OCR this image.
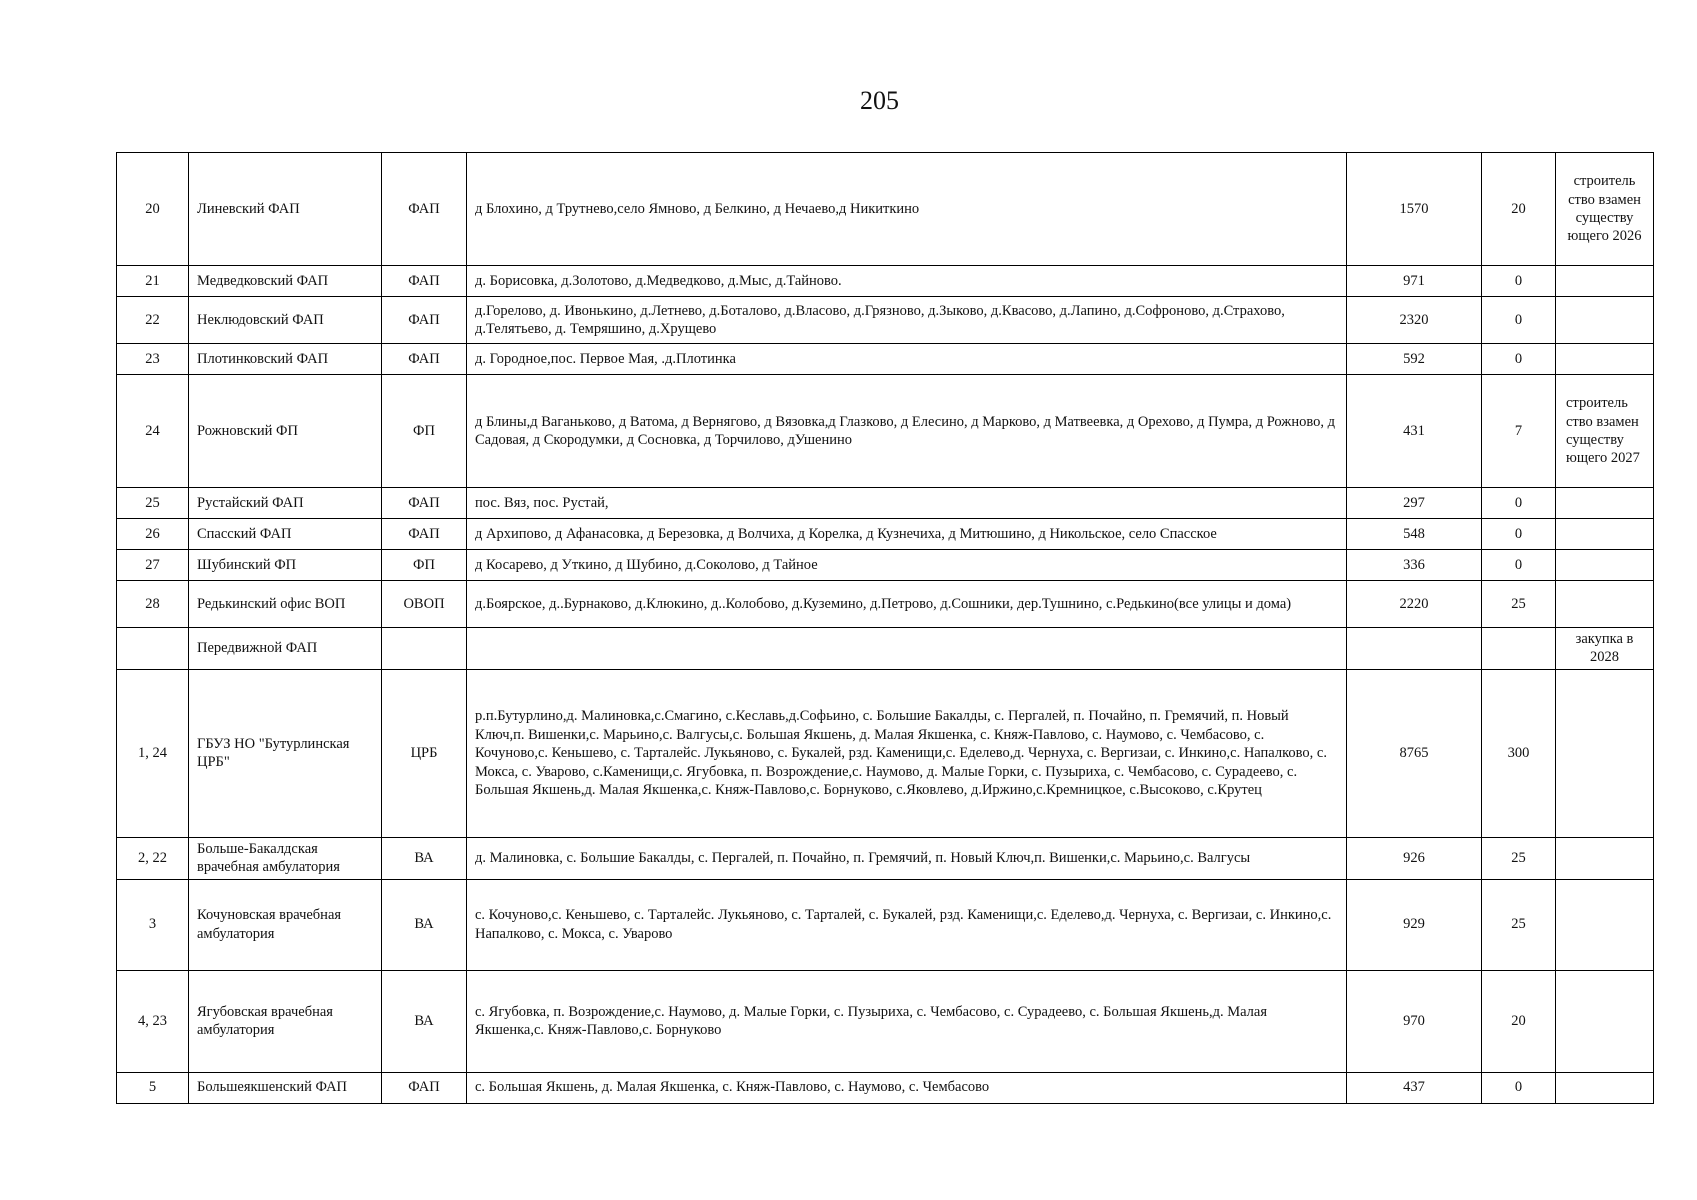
205
20	Линевский ФАП	ФАП	д Блохино, д Трутнево,село Ямново, д Белкино, д Нечаево,д Никиткино	1570	20	строитель ство взамен существу ющего 2026
21	Медведковский ФАП	ФАП	д. Борисовка, д.Золотово, д.Медведково, д.Мыс, д.Тайново.	971	0	
22	Неклюдовский ФАП	ФАП	д.Горелово, д. Ивонькино, д.Летнево, д.Боталово, д.Власово, д.Грязново, д.Зыково, д.Квасово, д.Лапино, д.Софроново, д.Страхово, д.Телятьево, д. Темряшино, д.Хрущево	2320	0	
23	Плотинковский ФАП	ФАП	д. Городное,пос. Первое Мая, .д.Плотинка	592	0	
24	Рожновский ФП	ФП	д Блины,д Ваганьково, д Ватома, д Вернягово, д Вязовка,д Глазково, д Елесино, д Марково, д Матвеевка, д Орехово, д Пумра, д Рожново, д Садовая, д Скородумки, д Сосновка, д Торчилово, дУшенино	431	7	строитель ство взамен существу ющего 2027
25	Рустайский ФАП	ФАП	пос. Вяз, пос. Рустай,	297	0	
26	Спасский ФАП	ФАП	д Архипово, д Афанасовка, д Березовка, д Волчиха, д Корелка, д Кузнечиха, д Митюшино, д Никольское, село Спасское	548	0	
27	Шубинский ФП	ФП	д Косарево, д Уткино, д Шубино, д.Соколово, д Тайное	336	0	
28	Редькинский офис ВОП	ОВОП	д.Боярское, д..Бурнаково, д.Клюкино, д..Колобово, д.Куземино, д.Петрово, д.Сошники, дер.Тушнино, с.Редькино(все улицы и дома)	2220	25	
	Передвижной ФАП					закупка в 2028
1, 24	ГБУЗ НО "Бутурлинская ЦРБ"	ЦРБ	р.п.Бутурлино,д. Малиновка,с.Смагино, с.Кеславь,д.Софьино, с. Большие Бакалды, с. Пергалей, п. Почайно, п. Гремячий, п. Новый Ключ,п. Вишенки,с. Марьино,с. Валгусы,с. Большая Якшень, д. Малая Якшенка, с. Княж-Павлово, с. Наумово, с. Чембасово, с. Кочуново,с. Кеньшево, с. Тарталейс. Лукьяново, с. Букалей, рзд. Каменищи,с. Еделево,д. Чернуха, с. Вергизаи, с. Инкино,с. Напалково, с. Мокса, с. Уварово, с.Каменищи,с. Ягубовка, п. Возрождение,с. Наумово, д. Малые Горки, с. Пузыриха, с. Чембасово, с. Сурадеево, с. Большая Якшень,д. Малая Якшенка,с. Княж-Павлово,с. Борнуково, с.Яковлево, д.Иржино,с.Кремницкое, с.Высоково, с.Крутец	8765	300	
2, 22	Больше-Бакалдская врачебная амбулатория	ВА	д. Малиновка, с. Большие Бакалды, с. Пергалей, п. Почайно, п. Гремячий, п. Новый Ключ,п. Вишенки,с. Марьино,с. Валгусы	926	25	
3	Кочуновская врачебная амбулатория	ВА	с. Кочуново,с. Кеньшево, с. Тарталейс. Лукьяново, с. Тарталей, с. Букалей, рзд. Каменищи,с. Еделево,д. Чернуха, с. Вергизаи, с. Инкино,с. Напалково, с. Мокса, с. Уварово	929	25	
4, 23	Ягубовская врачебная амбулатория	ВА	с. Ягубовка, п. Возрождение,с. Наумово, д. Малые Горки, с. Пузыриха, с. Чембасово, с. Сурадеево, с. Большая Якшень,д. Малая Якшенка,с. Княж-Павлово,с. Борнуково	970	20	
5	Большеякшенский ФАП	ФАП	с. Большая Якшень, д. Малая Якшенка, с. Княж-Павлово, с. Наумово, с. Чембасово	437	0	
